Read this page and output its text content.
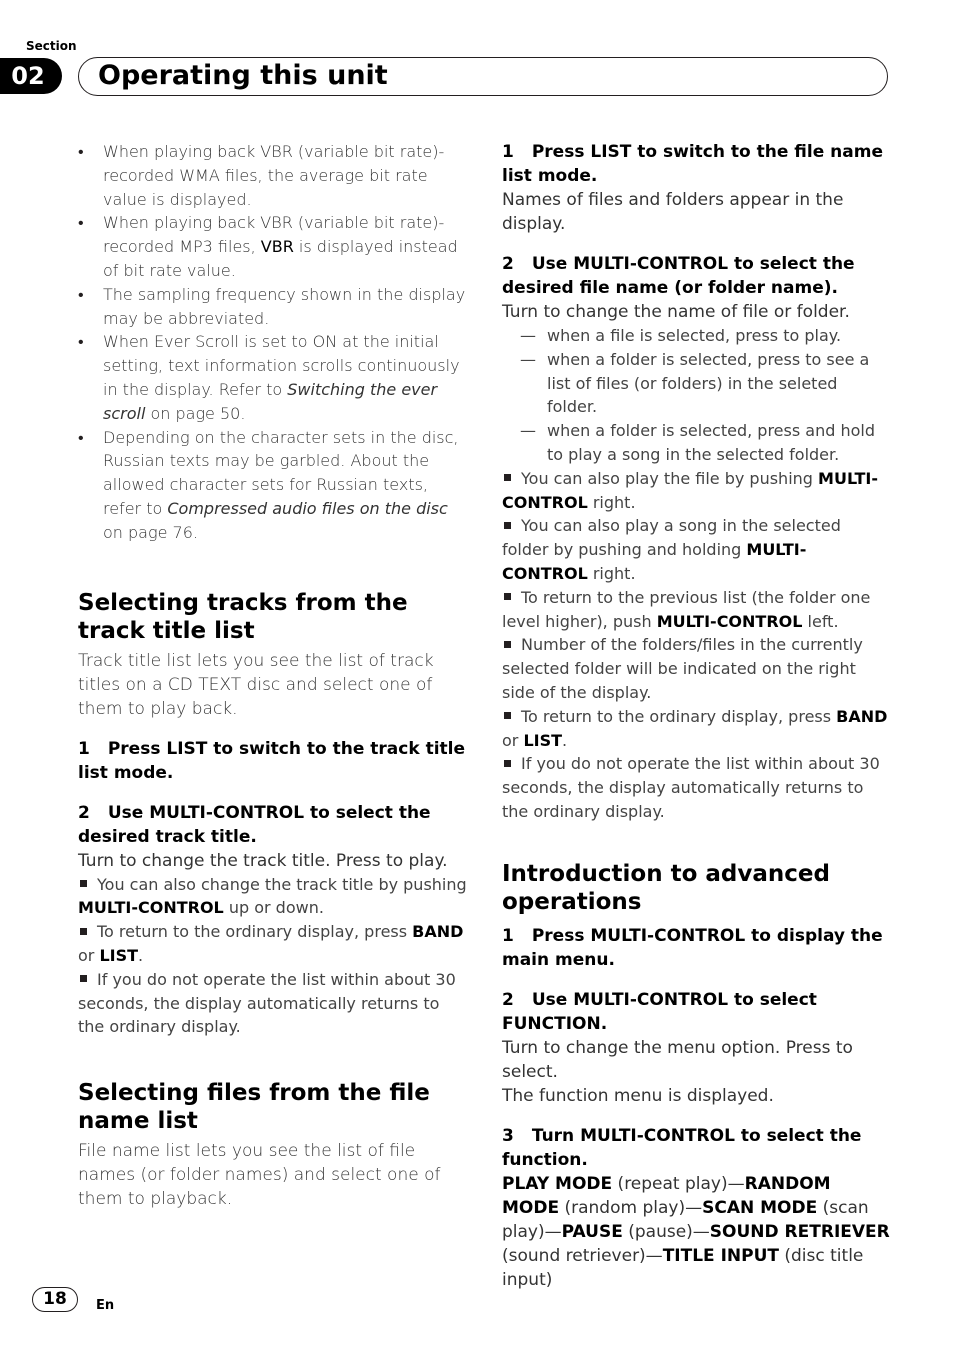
Section
02	Operating this unit
• When playing back VBR (variable bit rate)-recorded WMA files, the average bit rate value is displayed.
• When playing back VBR (variable bit rate)-recorded MP3 files, VBR is displayed instead of bit rate value.
• The sampling frequency shown in the display may be abbreviated.
• When Ever Scroll is set to ON at the initial setting, text information scrolls continuously in the display. Refer to Switching the ever scroll on page 50.
• Depending on the character sets in the disc, Russian texts may be garbled. About the allowed character sets for Russian texts, refer to Compressed audio files on the disc on page 76.
Selecting tracks from the track title list

Track title list lets you see the list of track titles on a CD TEXT disc and select one of them to play back.

1 Press LIST to switch to the track title list mode.

2 Use MULTI-CONTROL to select the desired track title.

Turn to change the track title. Press to play.

You can also change the track title by pushing MULTI-CONTROL up or down.

To return to the ordinary display, press BAND or LIST.

If you do not operate the list within about 30 seconds, the display automatically returns to the ordinary display.

Selecting files from the file name list

File name list lets you see the list of file names (or folder names) and select one of them to playback.

1 Press LIST to switch to the file name list mode.

Names of files and folders appear in the display.

2 Use MULTI-CONTROL to select the desired file name (or folder name).

Turn to change the name of file or folder.

— when a file is selected, press to play.

— when a folder is selected, press to see a list of files (or folders) in the seleted folder.

— when a folder is selected, press and hold to play a song in the selected folder.

You can also play the file by pushing MULTI-CONTROL right.

You can also play a song in the selected folder by pushing and holding MULTI-CONTROL right.

To return to the previous list (the folder one level higher), push MULTI-CONTROL left.

Number of the folders/files in the currently selected folder will be indicated on the right side of the display.

To return to the ordinary display, press BAND or LIST.

If you do not operate the list within about 30 seconds, the display automatically returns to the ordinary display.

Introduction to advanced operations

1 Press MULTI-CONTROL to display the main menu.

2 Use MULTI-CONTROL to select FUNCTION.

Turn to change the menu option. Press to select.

The function menu is displayed.

3 Turn MULTI-CONTROL to select the function.

PLAY MODE (repeat play)—RANDOM MODE (random play)—SCAN MODE (scan play)—PAUSE (pause)—SOUND RETRIEVER (sound retriever)—TITLE INPUT (disc title input)

18	En
